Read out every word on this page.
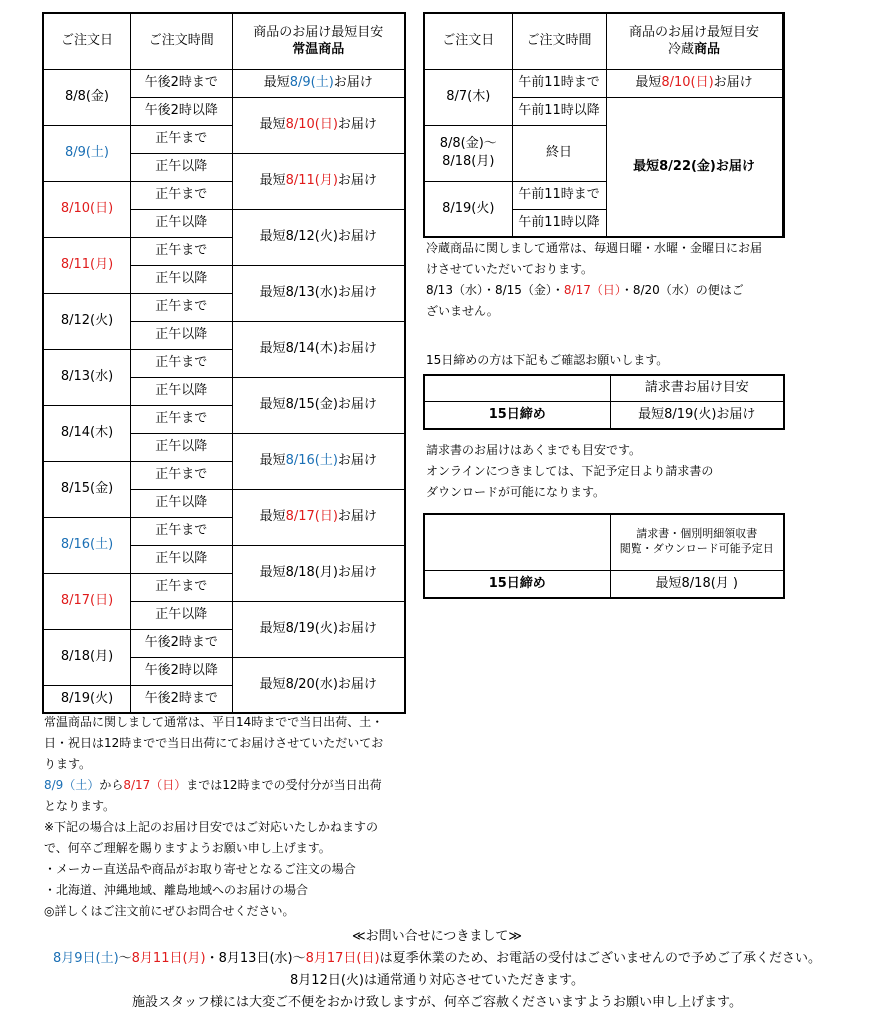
ご注文日	ご注文時間	商品のお届け最短目安
常温商品

8/8(金)	午後2時まで	最短8/9(土)お届け
	午後2時以降	最短8/10(日)お届け
8/9(土)	正午まで	
	正午以降	最短8/11(月)お届け
8/10(日)	正午まで	
	正午以降	最短8/12(火)お届け
8/11(月)	正午まで	
	正午以降	最短8/13(水)お届け
8/12(火)	正午まで	
	正午以降	最短8/14(木)お届け
8/13(水)	正午まで	
	正午以降	最短8/15(金)お届け
8/14(木)	正午まで	
	正午以降	最短8/16(土)お届け
8/15(金)	正午まで	
	正午以降	最短8/17(日)お届け
8/16(土)	正午まで	
	正午以降	最短8/18(月)お届け
8/17(日)	正午まで	
	正午以降	最短8/19(火)お届け
8/18(月)	午後2時まで	
	午後2時以降	最短8/20(水)お届け
8/19(火)	午後2時まで	
ご注文日	ご注文時間	商品のお届け最短目安
冷蔵商品	

8/7(木)	午前11時まで	最短8/10(日)お届け	
	午前11時以降	最短8/22(金)お届け	

8/8(金)～
8/18(月)	終日		
8/19(火)	午前11時まで		
	午前11時以降	
冷蔵商品に関しまして通常は、毎週日曜・水曜・金曜日にお届
けさせていただいております。
8/13（水）・8/15（金）・8/17（日）・8/20（水）の便はご
ざいません。
15日締めの方は下記もご確認お願いします。
	請求書お届け目安
15日締め	最短8/19(火)お届け
請求書のお届けはあくまでも目安です。
オンラインにつきましては、下記予定日より請求書の
ダウンロードが可能になります。

	請求書・個別明細領収書
閲覧・ダウンロード可能予定日

15日締め	最短8/18(月 )
常温商品に関しまして通常は、平日14時までで当日出荷、土・
日・祝日は12時までで当日出荷にてお届けさせていただいてお
ります。
8/9（土）から8/17（日）までは12時までの受付分が当日出荷
となります。
※下記の場合は上記のお届け目安ではご対応いたしかねますの
で、何卒ご理解を賜りますようお願い申し上げます。
・メーカー直送品や商品がお取り寄せとなるご注文の場合
・北海道、沖縄地域、離島地域へのお届けの場合
◎詳しくはご注文前にぜひお問合せください。
≪お問い合せにつきまして≫
8月9日(土)～8月11日(月)・8月13日(水)～8月17日(日)は夏季休業のため、お電話の受付はございませんので予めご了承ください。
8月12日(火)は通常通り対応させていただきます。
施設スタッフ様には大変ご不便をおかけ致しますが、何卒ご容赦くださいますようお願い申し上げます。
